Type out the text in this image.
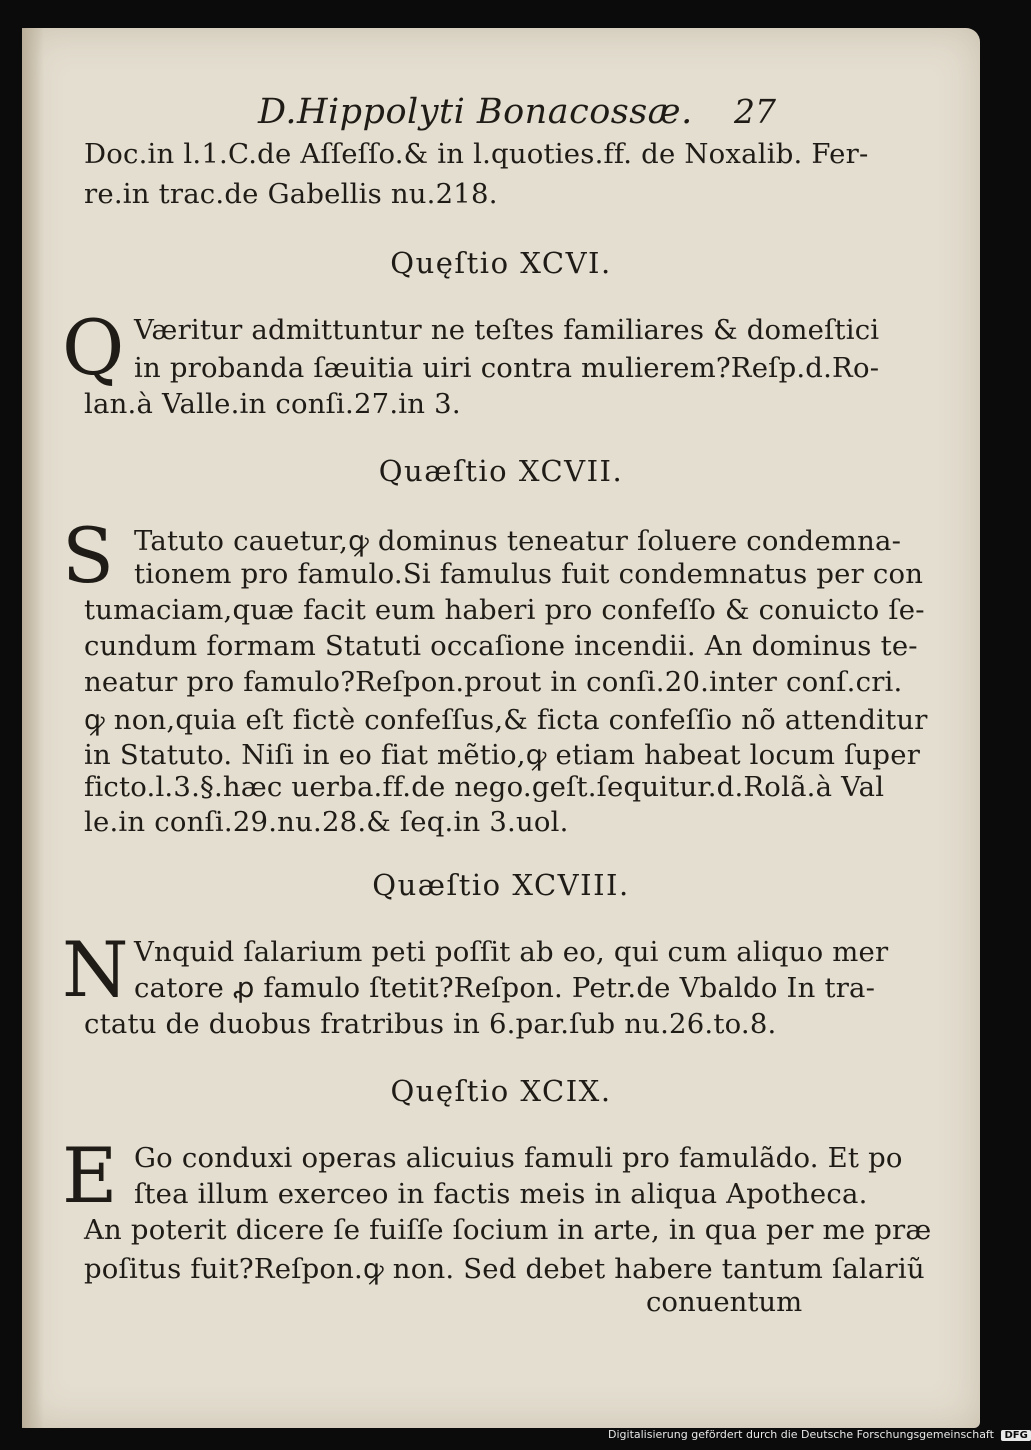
D.Hippolyti Bonacossæ. 27
Doc.in l.1.C.de Aſſeſſo.& in l.quoties.ff. de Noxalib. Fer-
re.in trac.de Gabellis nu.218.
Quęſtio XCVI.
Q Væritur admittuntur ne teſtes familiares & domeſtici
in probanda ſæuitia uiri contra mulierem?Reſp.d.Ro-
lan.à Valle.in conſi.27.in 3.
Quæſtio XCVII.
S Tatuto cauetur,ꝙ dominus teneatur ſoluere condemna-
tionem pro famulo.Si famulus fuit condemnatus per con
tumaciam,quæ facit eum haberi pro confeſſo & conuicto ſe-
cundum formam Statuti occaſione incendii. An dominus te-
neatur pro famulo?Reſpon.prout in conſi.20.inter conſ.cri.
ꝙ non,quia eſt fictè confeſſus,& ficta confeſſio nõ attenditur
in Statuto. Niſi in eo fiat mẽtio,ꝙ etiam habeat locum ſuper
ficto.l.3.§.hæc uerba.ff.de nego.geſt.ſequitur.d.Rolã.à Val
le.in conſi.29.nu.28.& ſeq.in 3.uol.
Quæſtio XCVIII.
N Vnquid ſalarium peti poſſit ab eo, qui cum aliquo mer
catore ꝓ famulo ſtetit?Reſpon. Petr.de Vbaldo In tra-
ctatu de duobus fratribus in 6.par.ſub nu.26.to.8.
Quęſtio XCIX.
E Go conduxi operas alicuius famuli pro famulãdo. Et po
ſtea illum exerceo in factis meis in aliqua Apotheca.
An poterit dicere ſe fuiſſe ſocium in arte, in qua per me præ
poſitus fuit?Reſpon.ꝙ non. Sed debet habere tantum ſalariũ
conuentum
Digitalisierung gefördert durch die Deutsche Forschungsgemeinschaft DFG
